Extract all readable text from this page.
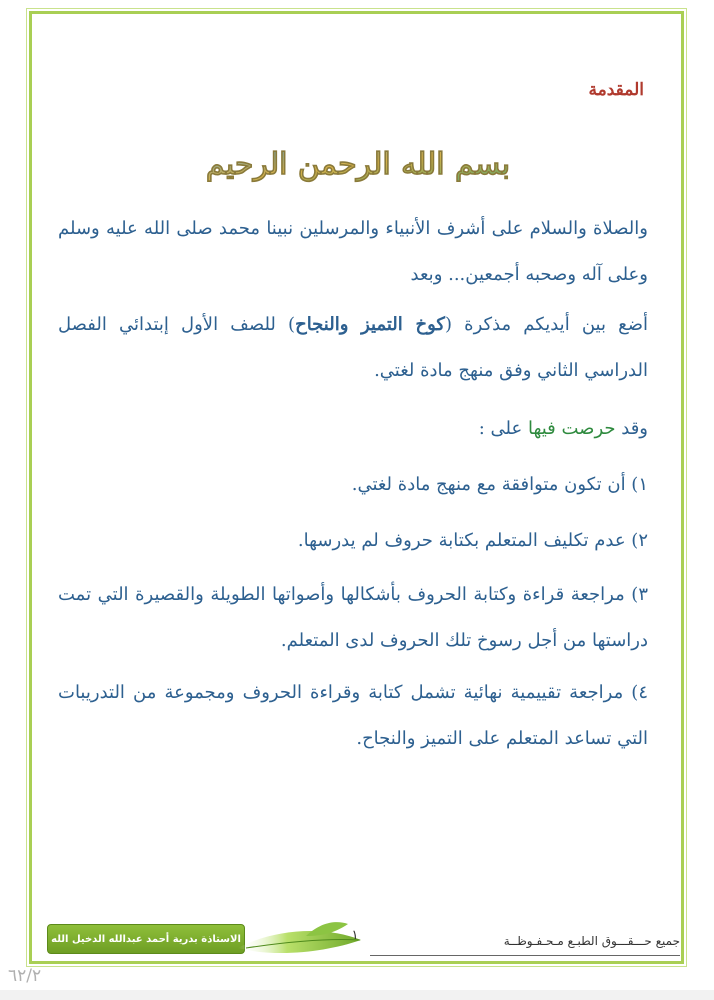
المقدمة
بسم الله الرحمن الرحيم
والصلاة والسلام على أشرف الأنبياء والمرسلين نبينا محمد صلى الله عليه وسلم وعلى آله وصحبه أجمعين... وبعد
أضع بين أيديكم مذكرة (كوخ التميز والنجاح) للصف الأول إبتدائي الفصل الدراسي الثاني وفق منهج مادة لغتي.
وقد حرصت فيها على :
١) أن تكون متوافقة مع منهج مادة لغتي.
٢) عدم تكليف المتعلم بكتابة حروف لم يدرسها.
٣) مراجعة قراءة وكتابة الحروف بأشكالها وأصواتها الطويلة والقصيرة التي تمت دراستها من أجل رسوخ تلك الحروف لدى المتعلم.
٤) مراجعة تقييمية نهائية تشمل كتابة وقراءة الحروف ومجموعة من التدريبات التي تساعد المتعلم على التميز والنجاح.
الاستاذة بدرية أحمد عبدالله الدخيل الله	١	جميع حـــقـــوق الطبـع مـحـفـوظــة
٦٢/٢
